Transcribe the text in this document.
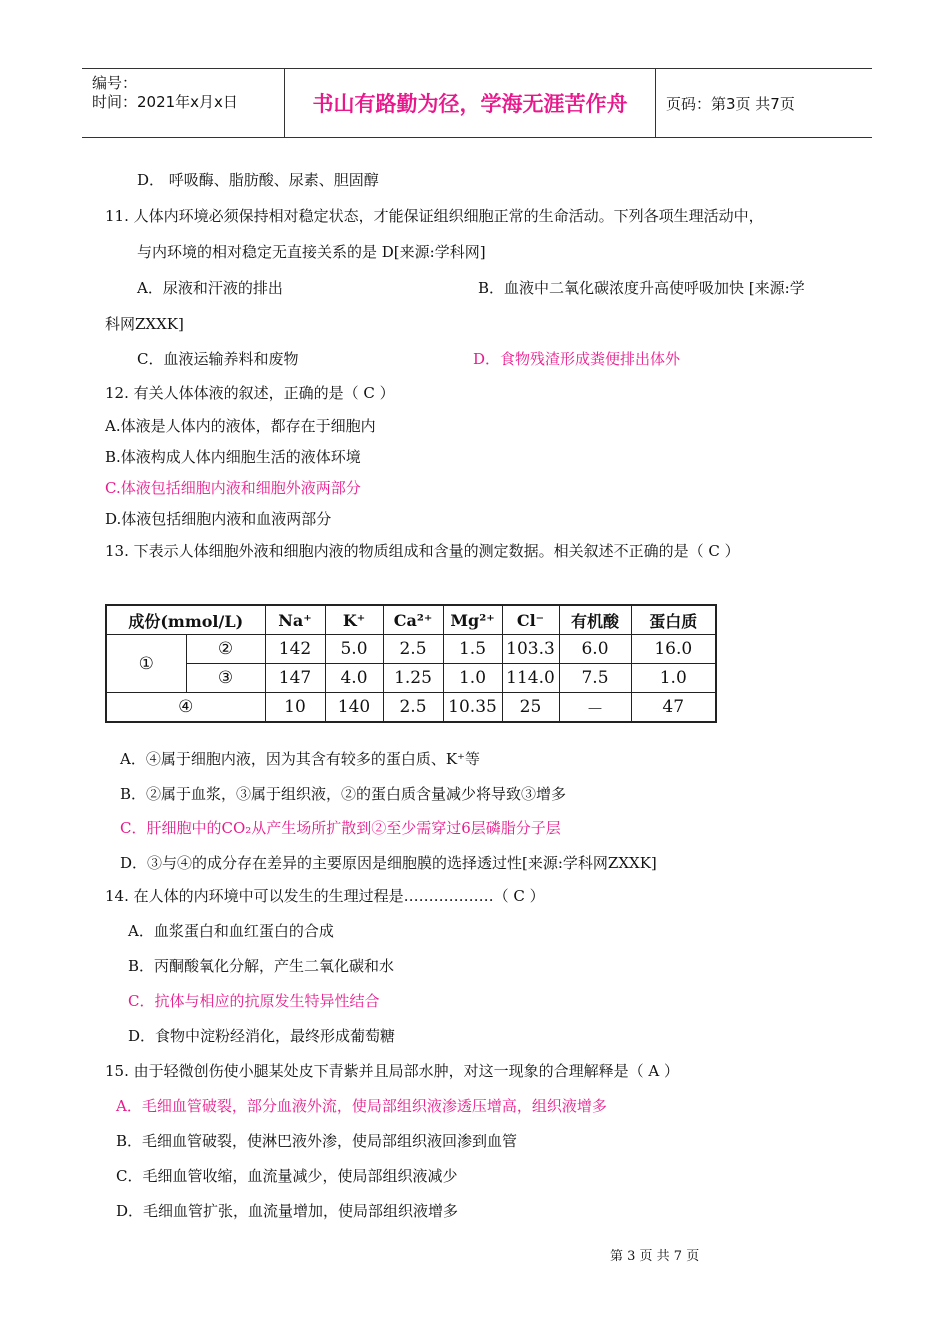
编号：
时间：2021年x月x日	书山有路勤为径，学海无涯苦作舟	页码：第3页 共7页
D． 呼吸酶、脂肪酸、尿素、胆固醇
11. 人体内环境必须保持相对稳定状态，才能保证组织细胞正常的生命活动。下列各项生理活动中，
与内环境的相对稳定无直接关系的是 D[来源:学科网]
A．尿液和汗液的排出	B．血液中二氧化碳浓度升高使呼吸加快 [来源:学
科网ZXXK]
C．血液运输养料和废物	D．食物残渣形成粪便排出体外
12. 有关人体体液的叙述，正确的是（ C ）
A.体液是人体内的液体，都存在于细胞内
B.体液构成人体内细胞生活的液体环境
C.体液包括细胞内液和细胞外液两部分
D.体液包括细胞内液和血液两部分
13. 下表示人体细胞外液和细胞内液的物质组成和含量的测定数据。相关叙述不正确的是（ C ）
成份(mmol/L)		Na⁺	K⁺	Ca²⁺	Mg²⁺	Cl⁻	有机酸	蛋白质
①	②	142	5.0	2.5	1.5	103.3	6.0	16.0
	③	147	4.0	1.25	1.0	114.0	7.5	1.0
④		10	140	2.5	10.35	25	－	47
A．④属于细胞内液，因为其含有较多的蛋白质、K⁺等
B．②属于血浆，③属于组织液，②的蛋白质含量减少将导致③增多
C．肝细胞中的CO₂从产生场所扩散到②至少需穿过6层磷脂分子层
D．③与④的成分存在差异的主要原因是细胞膜的选择透过性[来源:学科网ZXXK]
14. 在人体的内环境中可以发生的生理过程是………………（ C ）
A．血浆蛋白和血红蛋白的合成
B．丙酮酸氧化分解，产生二氧化碳和水
C．抗体与相应的抗原发生特异性结合
D．食物中淀粉经消化，最终形成葡萄糖
15. 由于轻微创伤使小腿某处皮下青紫并且局部水肿，对这一现象的合理解释是（ A ）
A．毛细血管破裂，部分血液外流，使局部组织液渗透压增高，组织液增多
B．毛细血管破裂，使淋巴液外渗，使局部组织液回渗到血管
C．毛细血管收缩，血流量减少，使局部组织液减少
D．毛细血管扩张，血流量增加，使局部组织液增多
第 3 页 共 7 页
